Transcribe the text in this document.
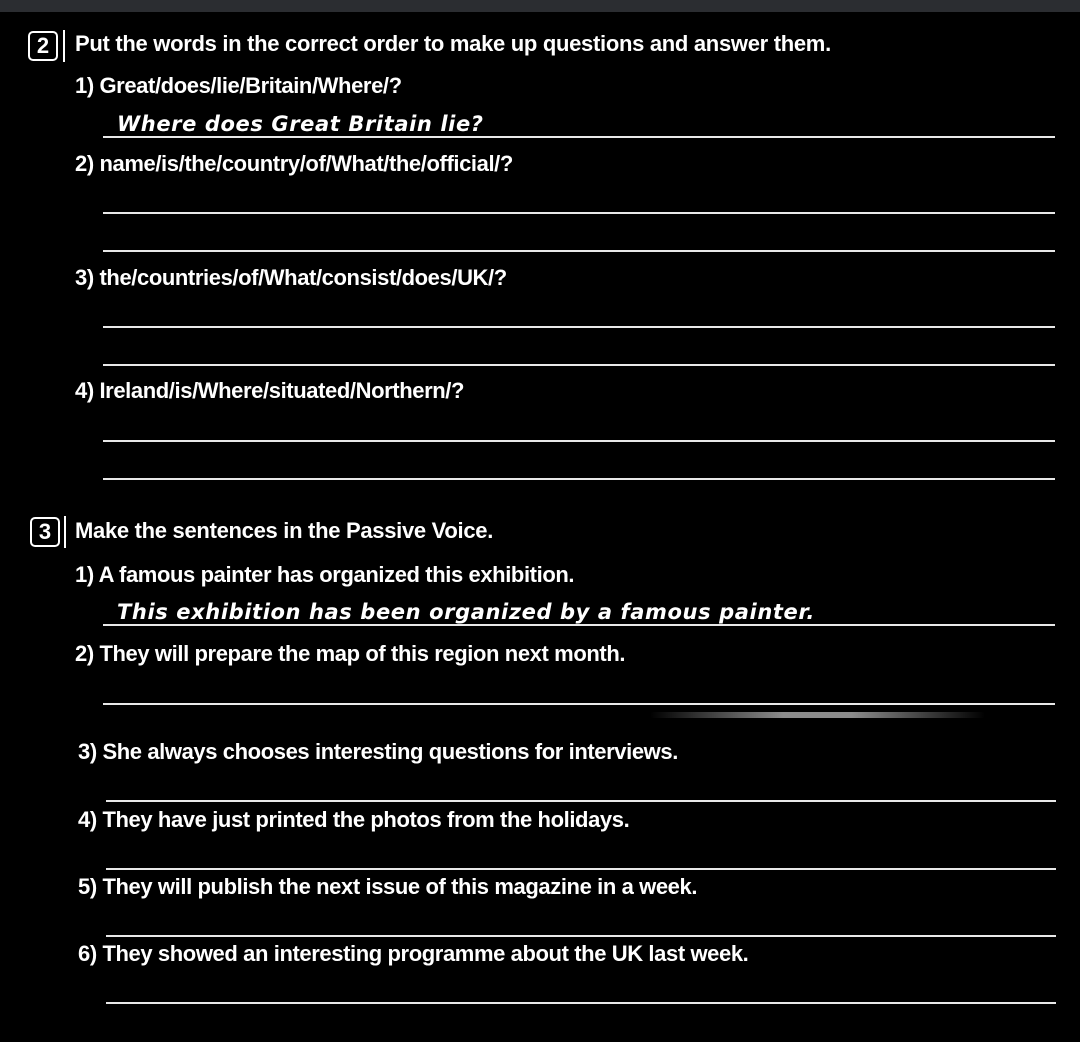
2	Put the words in the correct order to make up questions and answer them.
1) Great/does/lie/Britain/Where/?
Where does Great Britain lie?
2) name/is/the/country/of/What/the/official/?
3) the/countries/of/What/consist/does/UK/?
4) Ireland/is/Where/situated/Northern/?
3	Make the sentences in the Passive Voice.
1) A famous painter has organized this exhibition.
This exhibition has been organized by a famous painter.
2) They will prepare the map of this region next month.
3) She always chooses interesting questions for interviews.
4) They have just printed the photos from the holidays.
5) They will publish the next issue of this magazine in a week.
6) They showed an interesting programme about the UK last week.
